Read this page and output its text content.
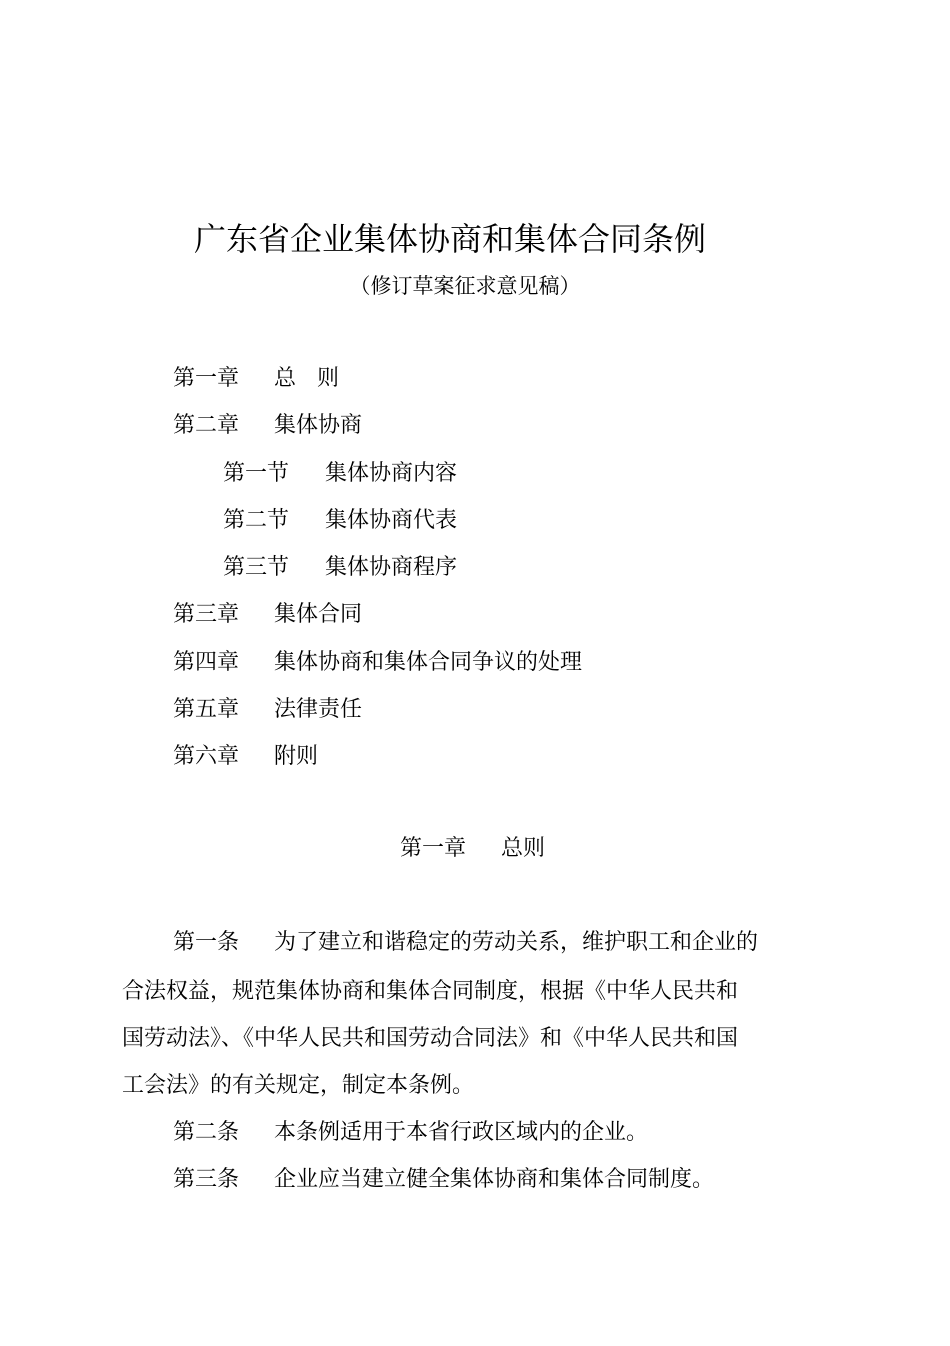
广东省企业集体协商和集体合同条例
（修订草案征求意见稿）
第一章 总   则
第二章 集体协商
第一节 集体协商内容
第二节 集体协商代表
第三节 集体协商程序
第三章 集体合同
第四章 集体协商和集体合同争议的处理
第五章 法律责任
第六章 附则
第一章 总则
第一条 为了建立和谐稳定的劳动关系，维护职工和企业的
合法权益，规范集体协商和集体合同制度，根据《中华人民共和
国劳动法》、《中华人民共和国劳动合同法》和《中华人民共和国
工会法》的有关规定，制定本条例。
第二条 本条例适用于本省行政区域内的企业。
第三条 企业应当建立健全集体协商和集体合同制度。
